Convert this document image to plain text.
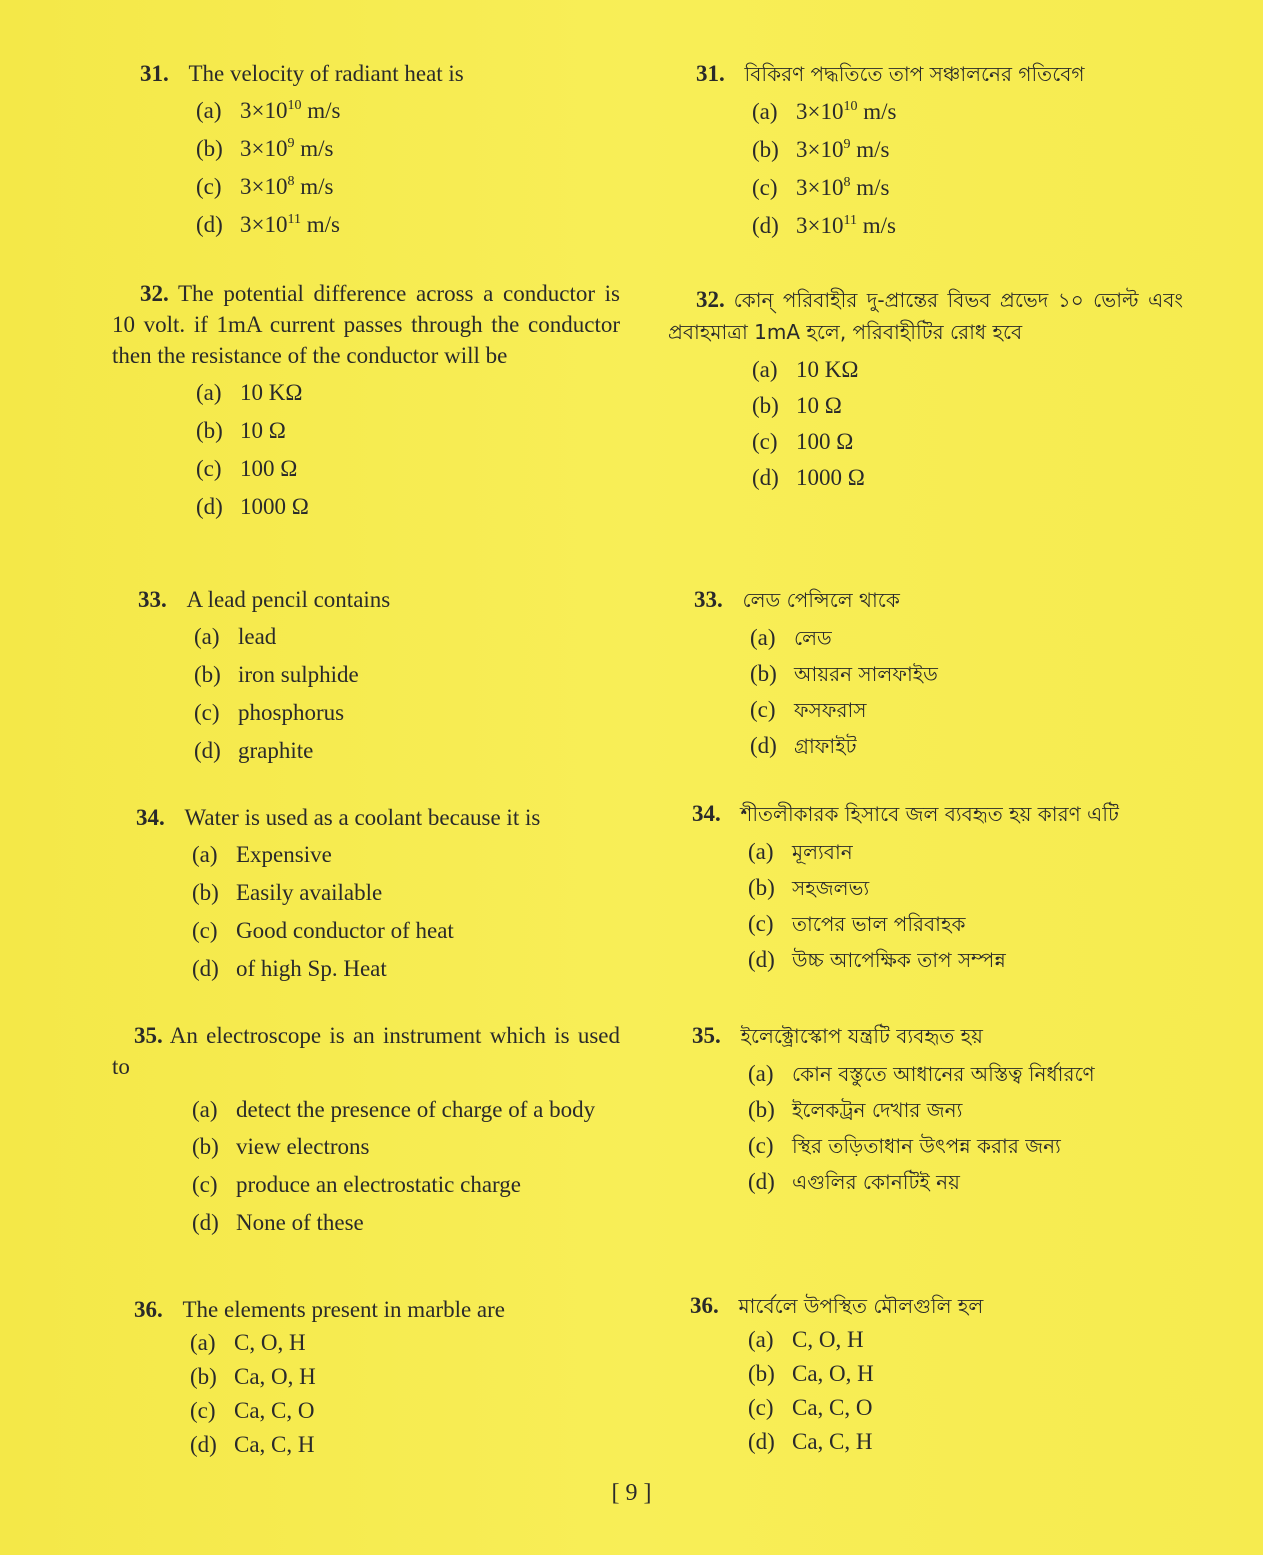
31. The velocity of radiant heat is
(a) $3\times 10^{10}$ m/s
(b) $3\times 10^9$ m/s
(c) $3\times 10^8$ m/s
(d) $3\times 10^{11}$ m/s
32. The potential difference across a conductor is 10 volt. if 1mA current passes through the conductor then the resistance of the conductor will be
(a) 10 KΩ
(b) 10 Ω
(c) 100 Ω
(d) 1000 Ω
33. A lead pencil contains
(a) lead
(b) iron sulphide
(c) phosphorus
(d) graphite
34. Water is used as a coolant because it is
(a) Expensive
(b) Easily available
(c) Good conductor of heat
(d) of high Sp. Heat
35. An electroscope is an instrument which is used to
(a) detect the presence of charge of a body
(b) view electrons
(c) produce an electrostatic charge
(d) None of these
36. The elements present in marble are
(a) C, O, H
(b) Ca, O, H
(c) Ca, C, O
(d) Ca, C, H
31. বিকিরণ পদ্ধতিতে তাপ সঞ্চালনের গতিবেগ
(a) $3\times 10^{10}$ m/s
(b) $3\times 10^9$ m/s
(c) $3\times 10^8$ m/s
(d) $3\times 10^{11}$ m/s
32. কোন্ পরিবাহীর দু-প্রান্তের বিভব প্রভেদ ১০ ভোল্ট এবং প্রবাহমাত্রা 1mA হলে, পরিবাহীটির রোধ হবে
(a) 10 KΩ
(b) 10 Ω
(c) 100 Ω
(d) 1000 Ω
33. লেড পেন্সিলে থাকে
(a) লেড
(b) আয়রন সালফাইড
(c) ফসফরাস
(d) গ্রাফাইট
34. শীতলীকারক হিসাবে জল ব্যবহৃত হয় কারণ এটি
(a) মূল্যবান
(b) সহজলভ্য
(c) তাপের ভাল পরিবাহক
(d) উচ্চ আপেক্ষিক তাপ সম্পন্ন
35. ইলেক্ট্রোস্কোপ যন্ত্রটি ব্যবহৃত হয়
(a) কোন বস্তুতে আধানের অস্তিত্ব নির্ধারণে
(b) ইলেকট্রন দেখার জন্য
(c) স্থির তড়িতাধান উৎপন্ন করার জন্য
(d) এগুলির কোনটিই নয়
36. মার্বেলে উপস্থিত মৌলগুলি হল
(a) C, O, H
(b) Ca, O, H
(c) Ca, C, O
(d) Ca, C, H
[ 9 ]
